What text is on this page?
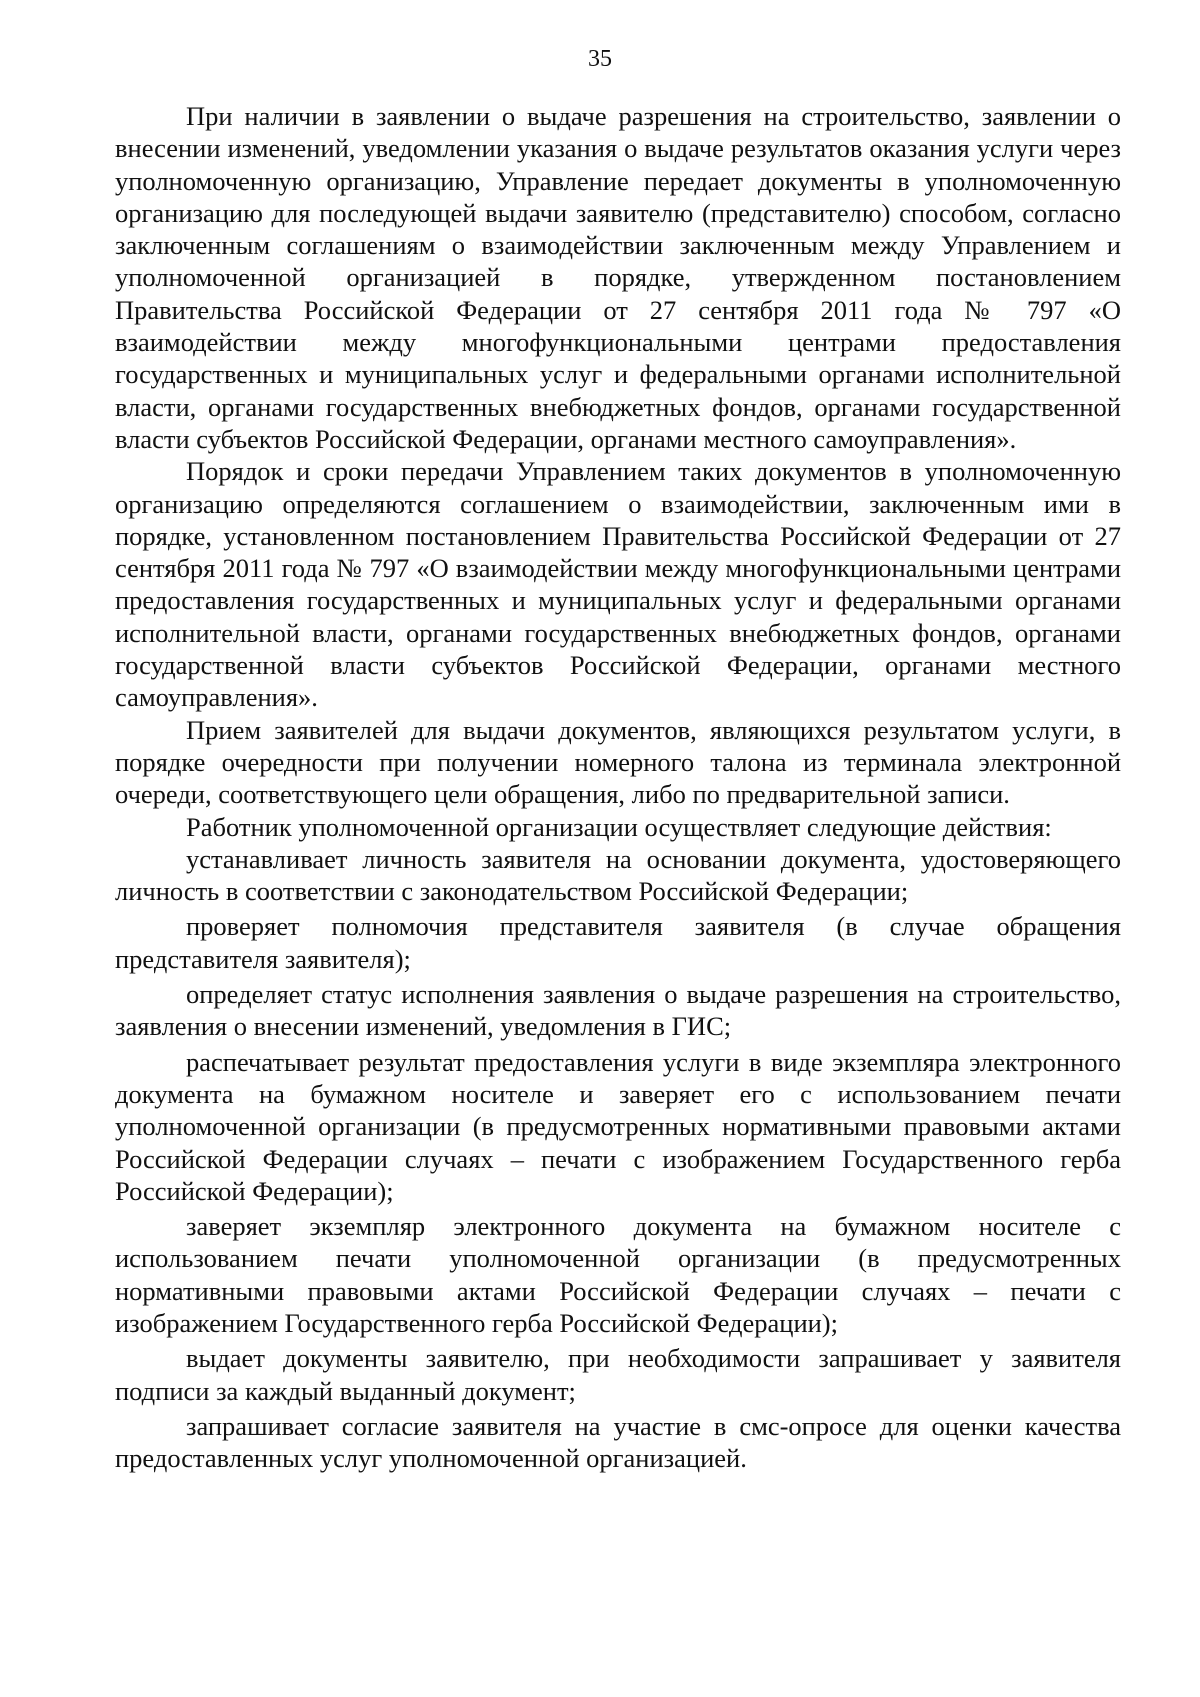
35

При наличии в заявлении о выдаче разрешения на строительство, заявлении о внесении изменений, уведомлении указания о выдаче результатов оказания услуги через уполномоченную организацию, Управление передает документы в уполномоченную организацию для последующей выдачи заявителю (представителю) способом, согласно заключенным соглашениям о взаимодействии заключенным между Управлением и уполномоченной организацией в порядке, утвержденном постановлением Правительства Российской Федерации от 27 сентября 2011 года № 797 «О взаимодействии между многофункциональными центрами предоставления государственных и муниципальных услуг и федеральными органами исполнительной власти, органами государственных внебюджетных фондов, органами государственной власти субъектов Российской Федерации, органами местного самоуправления».

Порядок и сроки передачи Управлением таких документов в уполномоченную организацию определяются соглашением о взаимодействии, заключенным ими в порядке, установленном постановлением Правительства Российской Федерации от 27 сентября 2011 года № 797 «О взаимодействии между многофункциональными центрами предоставления государственных и муниципальных услуг и федеральными органами исполнительной власти, органами государственных внебюджетных фондов, органами государственной власти субъектов Российской Федерации, органами местного самоуправления».

Прием заявителей для выдачи документов, являющихся результатом услуги, в порядке очередности при получении номерного талона из терминала электронной очереди, соответствующего цели обращения, либо по предварительной записи.

Работник уполномоченной организации осуществляет следующие действия:

устанавливает личность заявителя на основании документа, удостоверяющего личность в соответствии с законодательством Российской Федерации;

проверяет полномочия представителя заявителя (в случае обращения представителя заявителя);

определяет статус исполнения заявления о выдаче разрешения на строительство, заявления о внесении изменений, уведомления в ГИС;

распечатывает результат предоставления услуги в виде экземпляра электронного документа на бумажном носителе и заверяет его с использованием печати уполномоченной организации (в предусмотренных нормативными правовыми актами Российской Федерации случаях – печати с изображением Государственного герба Российской Федерации);

заверяет экземпляр электронного документа на бумажном носителе с использованием печати уполномоченной организации (в предусмотренных нормативными правовыми актами Российской Федерации случаях – печати с изображением Государственного герба Российской Федерации);

выдает документы заявителю, при необходимости запрашивает у заявителя подписи за каждый выданный документ;

запрашивает согласие заявителя на участие в смс-опросе для оценки качества предоставленных услуг уполномоченной организацией.
